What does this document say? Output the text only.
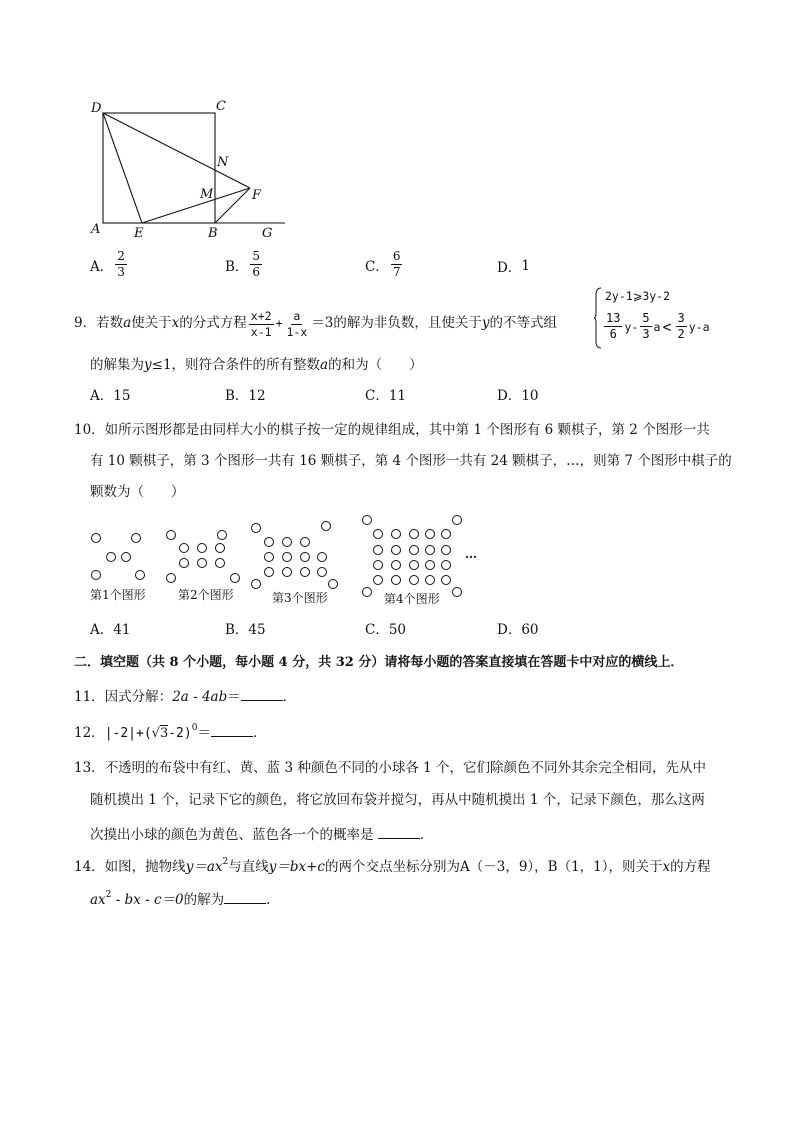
D	C
N
M	F
A	E	B	G
A． $\frac{2}{3}$	B． $\frac{5}{6}$	C． $\frac{6}{7}$	D． 1
9． 若数 a 使关于 x 的分式方程 $\frac{x+2}{x-1} + \frac{a}{1-x} =3$ 的解为非负数，且使关于 y 的不等式组
2y-1⩾3y-2
$\frac{13}{6} y- \frac{5}{3}$ $a < \frac{3}{2} y-a$
的解集为y≤1，则符合条件的所有整数a的和为（　　）
A．15	B．12	C．11	D．10
10．如所示图形都是由同样大小的棋子按一定的规律组成，其中第 1 个图形有 6 颗棋子，第 2 个图形一共
有 10 颗棋子，第 3 个图形一共有 16 颗棋子，第 4 个图形一共有 24 颗棋子，…，则第 7 个图形中棋子的
颗数为（　　）
第1个图形	第2个图形	第3个图形	第4个图形
…
A．41	B．45	C．50	D．60
二．填空题（共 8 个小题，每小题 4 分，共 32 分）请将每小题的答案直接填在答题卡中对应的横线上．
11．因式分解：2a - 4ab＝	．
12．$|-2|+(√3-2)^0=$	．
13．不透明的布袋中有红、黄、蓝 3 种颜色不同的小球各 1 个，它们除颜色不同外其余完全相同，先从中
随机摸出 1 个，记录下它的颜色，将它放回布袋并搅匀，再从中随机摸出 1 个，记录下颜色，那么这两
次摸出小球的颜色为黄色、蓝色各一个的概率是	．
14．如图，抛物线$y=ax^2$与直线y＝bx+c的两个交点坐标分别为A（－3，9），B（1，1），则关于x的方程
$ax^2$ - bx - c＝0的解为	．
